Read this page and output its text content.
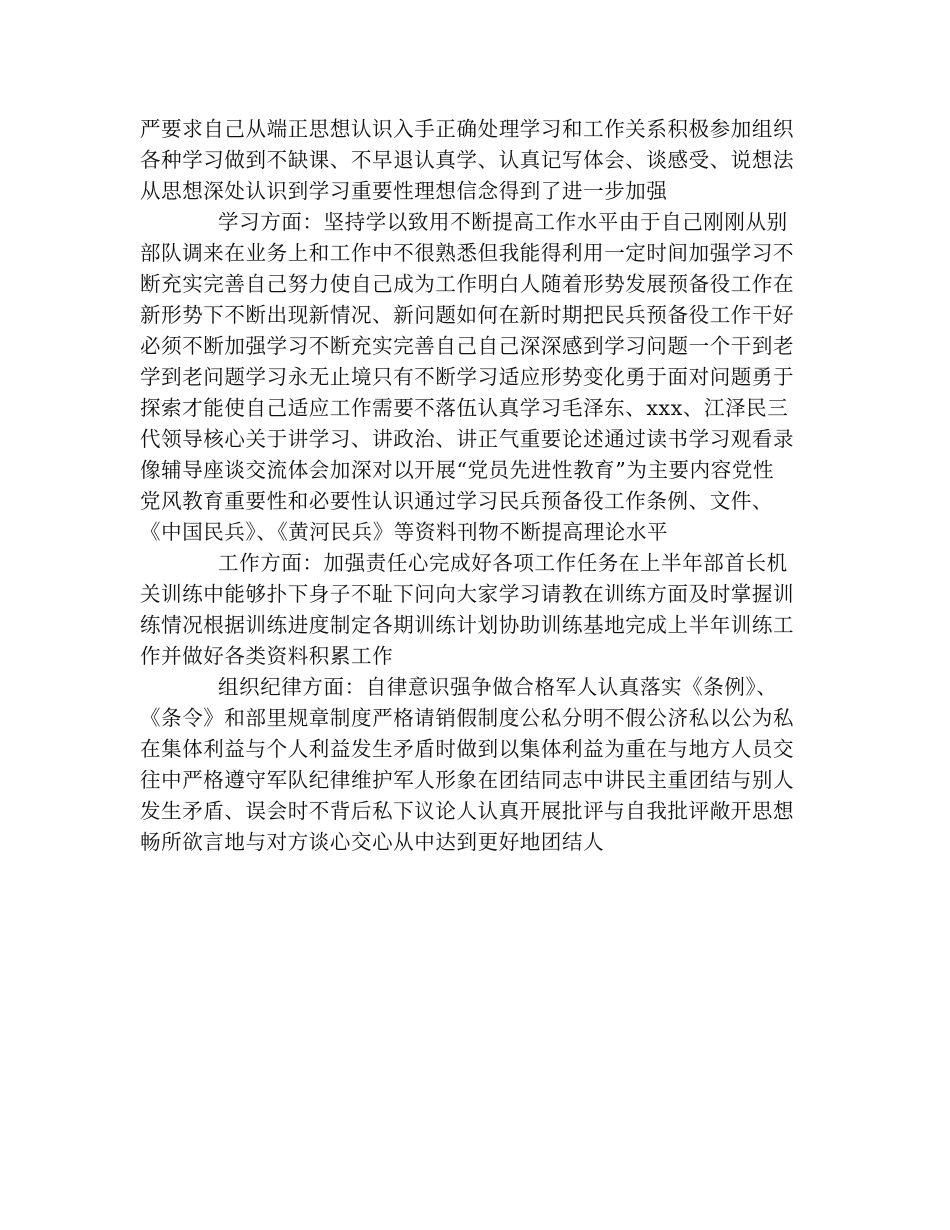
严要求自己从端正思想认识入手正确处理学习和工作关系积极参加组织
各种学习做到不缺课、不早退认真学、认真记写体会、谈感受、说想法
从思想深处认识到学习重要性理想信念得到了进一步加强
学习方面：坚持学以致用不断提高工作水平由于自己刚刚从别
部队调来在业务上和工作中不很熟悉但我能得利用一定时间加强学习不
断充实完善自己努力使自己成为工作明白人随着形势发展预备役工作在
新形势下不断出现新情况、新问题如何在新时期把民兵预备役工作干好
必须不断加强学习不断充实完善自己自己深深感到学习问题一个干到老
学到老问题学习永无止境只有不断学习适应形势变化勇于面对问题勇于
探索才能使自己适应工作需要不落伍认真学习毛泽东、xxx、江泽民三
代领导核心关于讲学习、讲政治、讲正气重要论述通过读书学习观看录
像辅导座谈交流体会加深对以开展“党员先进性教育”为主要内容党性
党风教育重要性和必要性认识通过学习民兵预备役工作条例、文件、
《中国民兵》、《黄河民兵》等资料刊物不断提高理论水平
工作方面：加强责任心完成好各项工作任务在上半年部首长机
关训练中能够扑下身子不耻下问向大家学习请教在训练方面及时掌握训
练情况根据训练进度制定各期训练计划协助训练基地完成上半年训练工
作并做好各类资料积累工作
组织纪律方面：自律意识强争做合格军人认真落实《条例》、
《条令》和部里规章制度严格请销假制度公私分明不假公济私以公为私
在集体利益与个人利益发生矛盾时做到以集体利益为重在与地方人员交
往中严格遵守军队纪律维护军人形象在团结同志中讲民主重团结与别人
发生矛盾、误会时不背后私下议论人认真开展批评与自我批评敞开思想
畅所欲言地与对方谈心交心从中达到更好地团结人
